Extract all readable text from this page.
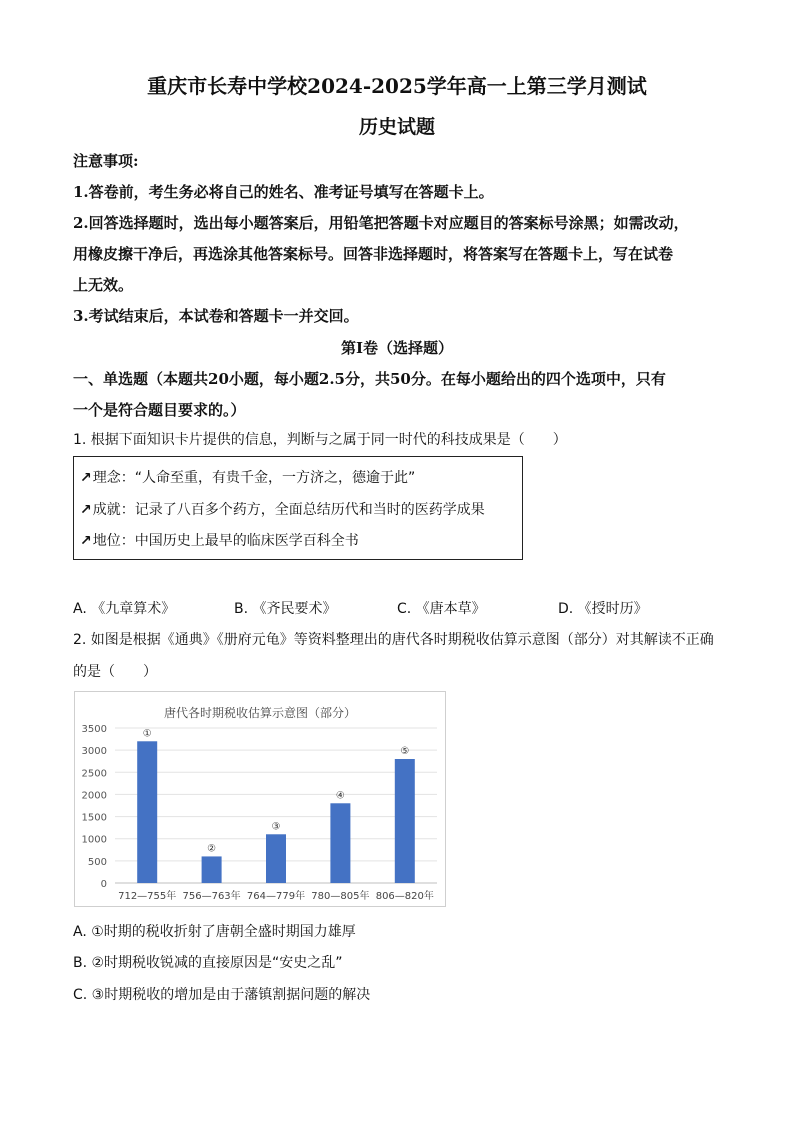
重庆市长寿中学校2024-2025学年高一上第三学月测试
历史试题
注意事项:
1.答卷前，考生务必将自己的姓名、准考证号填写在答题卡上。
2.回答选择题时，选出每小题答案后，用铅笔把答题卡对应题目的答案标号涂黑；如需改动，
用橡皮擦干净后，再选涂其他答案标号。回答非选择题时，将答案写在答题卡上，写在试卷
上无效。
3.考试结束后，本试卷和答题卡一并交回。
第Ⅰ卷（选择题）
一、单选题（本题共20小题，每小题2.5分，共50分。在每小题给出的四个选项中，只有
一个是符合题目要求的。）
1. 根据下面知识卡片提供的信息，判断与之属于同一时代的科技成果是（　　）
↗理念：“人命至重，有贵千金，一方济之，德逾于此”
↗成就：记录了八百多个药方，全面总结历代和当时的医药学成果
↗地位：中国历史上最早的临床医学百科全书
A. 《九章算术》	B. 《齐民要术》	C. 《唐本草》	D. 《授时历》
2. 如图是根据《通典》《册府元龟》等资料整理出的唐代各时期税收估算示意图（部分）对其解读不正确
的是（　　）
唐代各时期税收估算示意图（部分）
0
500
1000
1500
2000
2500
3000
3500	①
712—755年
②
756—763年
③
764—779年
④
780—805年
⑤
806—820年
A. ①时期的税收折射了唐朝全盛时期国力雄厚
B. ②时期税收锐减的直接原因是“安史之乱”
C. ③时期税收的增加是由于藩镇割据问题的解决
